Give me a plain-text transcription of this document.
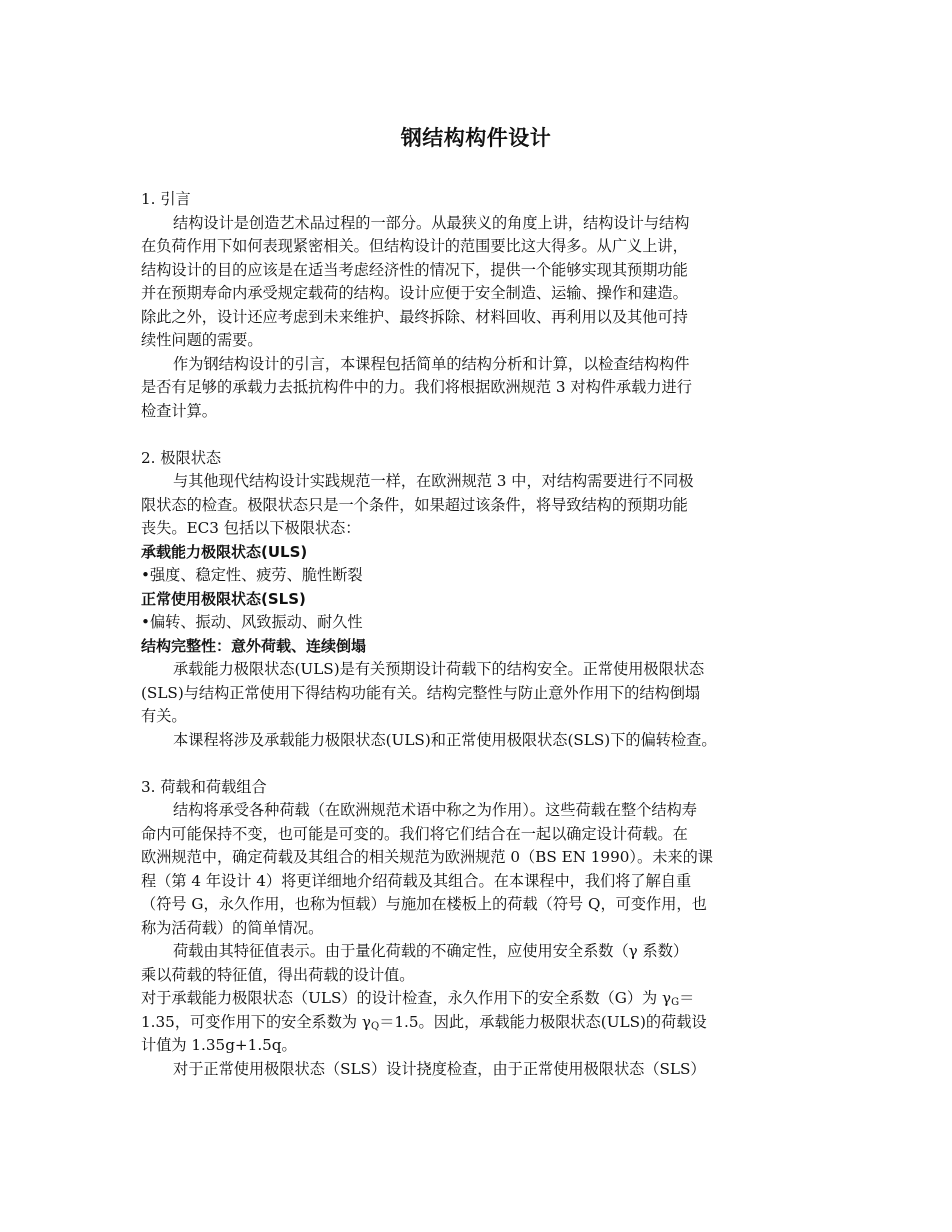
钢结构构件设计
1. 引言
结构设计是创造艺术品过程的一部分。从最狭义的角度上讲，结构设计与结构
在负荷作用下如何表现紧密相关。但结构设计的范围要比这大得多。从广义上讲，
结构设计的目的应该是在适当考虑经济性的情况下，提供一个能够实现其预期功能
并在预期寿命内承受规定载荷的结构。设计应便于安全制造、运输、操作和建造。
除此之外，设计还应考虑到未来维护、最终拆除、材料回收、再利用以及其他可持
续性问题的需要。
作为钢结构设计的引言，本课程包括简单的结构分析和计算，以检查结构构件
是否有足够的承载力去抵抗构件中的力。我们将根据欧洲规范 3 对构件承载力进行
检查计算。
2. 极限状态
与其他现代结构设计实践规范一样，在欧洲规范 3 中，对结构需要进行不同极
限状态的检查。极限状态只是一个条件，如果超过该条件，将导致结构的预期功能
丧失。EC3 包括以下极限状态：
承载能力极限状态(ULS)
•强度、稳定性、疲劳、脆性断裂
正常使用极限状态(SLS)
•偏转、振动、风致振动、耐久性
结构完整性：意外荷载、连续倒塌
承载能力极限状态(ULS)是有关预期设计荷载下的结构安全。正常使用极限状态
(SLS)与结构正常使用下得结构功能有关。结构完整性与防止意外作用下的结构倒塌
有关。
本课程将涉及承载能力极限状态(ULS)和正常使用极限状态(SLS)下的偏转检查。
3. 荷载和荷载组合
结构将承受各种荷载（在欧洲规范术语中称之为作用）。这些荷载在整个结构寿
命内可能保持不变，也可能是可变的。我们将它们结合在一起以确定设计荷载。在
欧洲规范中，确定荷载及其组合的相关规范为欧洲规范 0（BS EN 1990）。未来的课
程（第 4 年设计 4）将更详细地介绍荷载及其组合。在本课程中，我们将了解自重
（符号 G，永久作用，也称为恒载）与施加在楼板上的荷载（符号 Q，可变作用，也
称为活荷载）的简单情况。
荷载由其特征值表示。由于量化荷载的不确定性，应使用安全系数（γ 系数）
乘以荷载的特征值，得出荷载的设计值。
对于承载能力极限状态（ULS）的设计检查，永久作用下的安全系数（G）为 $\gamma_G=$
1.35，可变作用下的安全系数为 $\gamma_Q=1.5$。因此，承载能力极限状态(ULS)的荷载设
计值为 1.35g+1.5q。
对于正常使用极限状态（SLS）设计挠度检查，由于正常使用极限状态（SLS）
